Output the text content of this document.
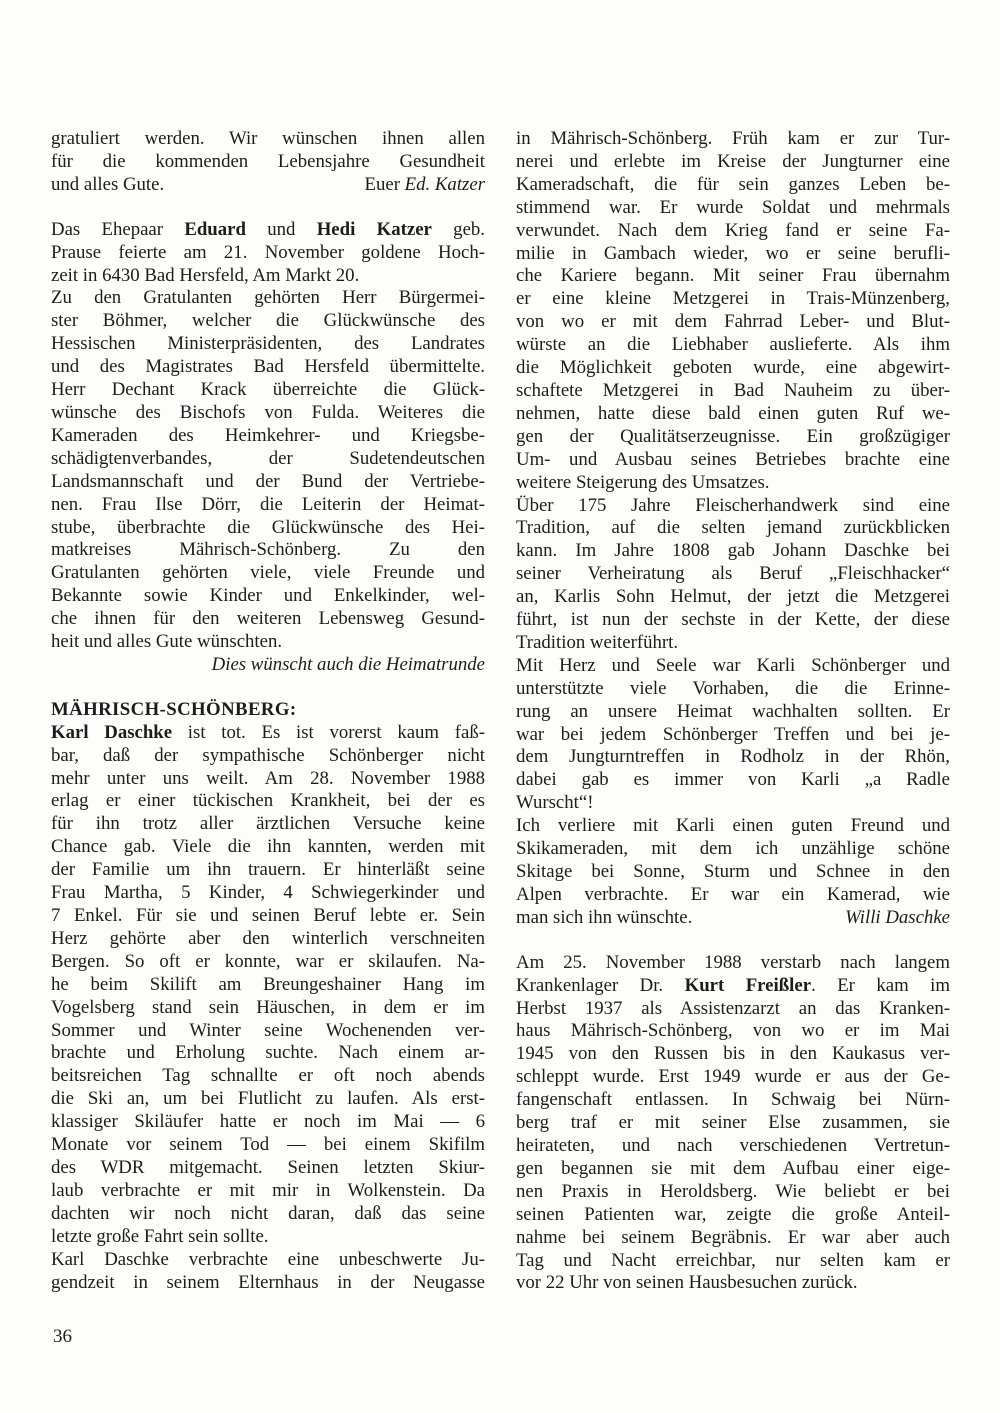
gratuliert werden. Wir wünschen ihnen allen
für die kommenden Lebensjahre Gesundheit
und alles Gute.	Euer Ed. Katzer
Das Ehepaar Eduard und Hedi Katzer geb.
Prause feierte am 21. November goldene Hoch-
zeit in 6430 Bad Hersfeld, Am Markt 20.
Zu den Gratulanten gehörten Herr Bürgermei-
ster Böhmer, welcher die Glückwünsche des
Hessischen Ministerpräsidenten, des Landrates
und des Magistrates Bad Hersfeld übermittelte.
Herr Dechant Krack überreichte die Glück-
wünsche des Bischofs von Fulda. Weiteres die
Kameraden des Heimkehrer- und Kriegsbe-
schädigtenverbandes, der Sudetendeutschen
Landsmannschaft und der Bund der Vertriebe-
nen. Frau Ilse Dörr, die Leiterin der Heimat-
stube, überbrachte die Glückwünsche des Hei-
matkreises Mährisch-Schönberg. Zu den
Gratulanten gehörten viele, viele Freunde und
Bekannte sowie Kinder und Enkelkinder, wel-
che ihnen für den weiteren Lebensweg Gesund-
heit und alles Gute wünschten.
Dies wünscht auch die Heimatrunde
MÄHRISCH-SCHÖNBERG:
Karl Daschke ist tot. Es ist vorerst kaum faß-
bar, daß der sympathische Schönberger nicht
mehr unter uns weilt. Am 28. November 1988
erlag er einer tückischen Krankheit, bei der es
für ihn trotz aller ärztlichen Versuche keine
Chance gab. Viele die ihn kannten, werden mit
der Familie um ihn trauern. Er hinterläßt seine
Frau Martha, 5 Kinder, 4 Schwiegerkinder und
7 Enkel. Für sie und seinen Beruf lebte er. Sein
Herz gehörte aber den winterlich verschneiten
Bergen. So oft er konnte, war er skilaufen. Na-
he beim Skilift am Breungeshainer Hang im
Vogelsberg stand sein Häuschen, in dem er im
Sommer und Winter seine Wochenenden ver-
brachte und Erholung suchte. Nach einem ar-
beitsreichen Tag schnallte er oft noch abends
die Ski an, um bei Flutlicht zu laufen. Als erst-
klassiger Skiläufer hatte er noch im Mai — 6
Monate vor seinem Tod — bei einem Skifilm
des WDR mitgemacht. Seinen letzten Skiur-
laub verbrachte er mit mir in Wolkenstein. Da
dachten wir noch nicht daran, daß das seine
letzte große Fahrt sein sollte.
Karl Daschke verbrachte eine unbeschwerte Ju-
gendzeit in seinem Elternhaus in der Neugasse
in Mährisch-Schönberg. Früh kam er zur Tur-
nerei und erlebte im Kreise der Jungturner eine
Kameradschaft, die für sein ganzes Leben be-
stimmend war. Er wurde Soldat und mehrmals
verwundet. Nach dem Krieg fand er seine Fa-
milie in Gambach wieder, wo er seine berufli-
che Kariere begann. Mit seiner Frau übernahm
er eine kleine Metzgerei in Trais-Münzenberg,
von wo er mit dem Fahrrad Leber- und Blut-
würste an die Liebhaber auslieferte. Als ihm
die Möglichkeit geboten wurde, eine abgewirt-
schaftete Metzgerei in Bad Nauheim zu über-
nehmen, hatte diese bald einen guten Ruf we-
gen der Qualitätserzeugnisse. Ein großzügiger
Um- und Ausbau seines Betriebes brachte eine
weitere Steigerung des Umsatzes.
Über 175 Jahre Fleischerhandwerk sind eine
Tradition, auf die selten jemand zurückblicken
kann. Im Jahre 1808 gab Johann Daschke bei
seiner Verheiratung als Beruf „Fleischhacker“
an, Karlis Sohn Helmut, der jetzt die Metzgerei
führt, ist nun der sechste in der Kette, der diese
Tradition weiterführt.
Mit Herz und Seele war Karli Schönberger und
unterstützte viele Vorhaben, die die Erinne-
rung an unsere Heimat wachhalten sollten. Er
war bei jedem Schönberger Treffen und bei je-
dem Jungturntreffen in Rodholz in der Rhön,
dabei gab es immer von Karli „a Radle
Wurscht“!
Ich verliere mit Karli einen guten Freund und
Skikameraden, mit dem ich unzählige schöne
Skitage bei Sonne, Sturm und Schnee in den
Alpen verbrachte. Er war ein Kamerad, wie
man sich ihn wünschte.	Willi Daschke
Am 25. November 1988 verstarb nach langem
Krankenlager Dr. Kurt Freißler. Er kam im
Herbst 1937 als Assistenzarzt an das Kranken-
haus Mährisch-Schönberg, von wo er im Mai
1945 von den Russen bis in den Kaukasus ver-
schleppt wurde. Erst 1949 wurde er aus der Ge-
fangenschaft entlassen. In Schwaig bei Nürn-
berg traf er mit seiner Else zusammen, sie
heirateten, und nach verschiedenen Vertretun-
gen begannen sie mit dem Aufbau einer eige-
nen Praxis in Heroldsberg. Wie beliebt er bei
seinen Patienten war, zeigte die große Anteil-
nahme bei seinem Begräbnis. Er war aber auch
Tag und Nacht erreichbar, nur selten kam er
vor 22 Uhr von seinen Hausbesuchen zurück.
36
